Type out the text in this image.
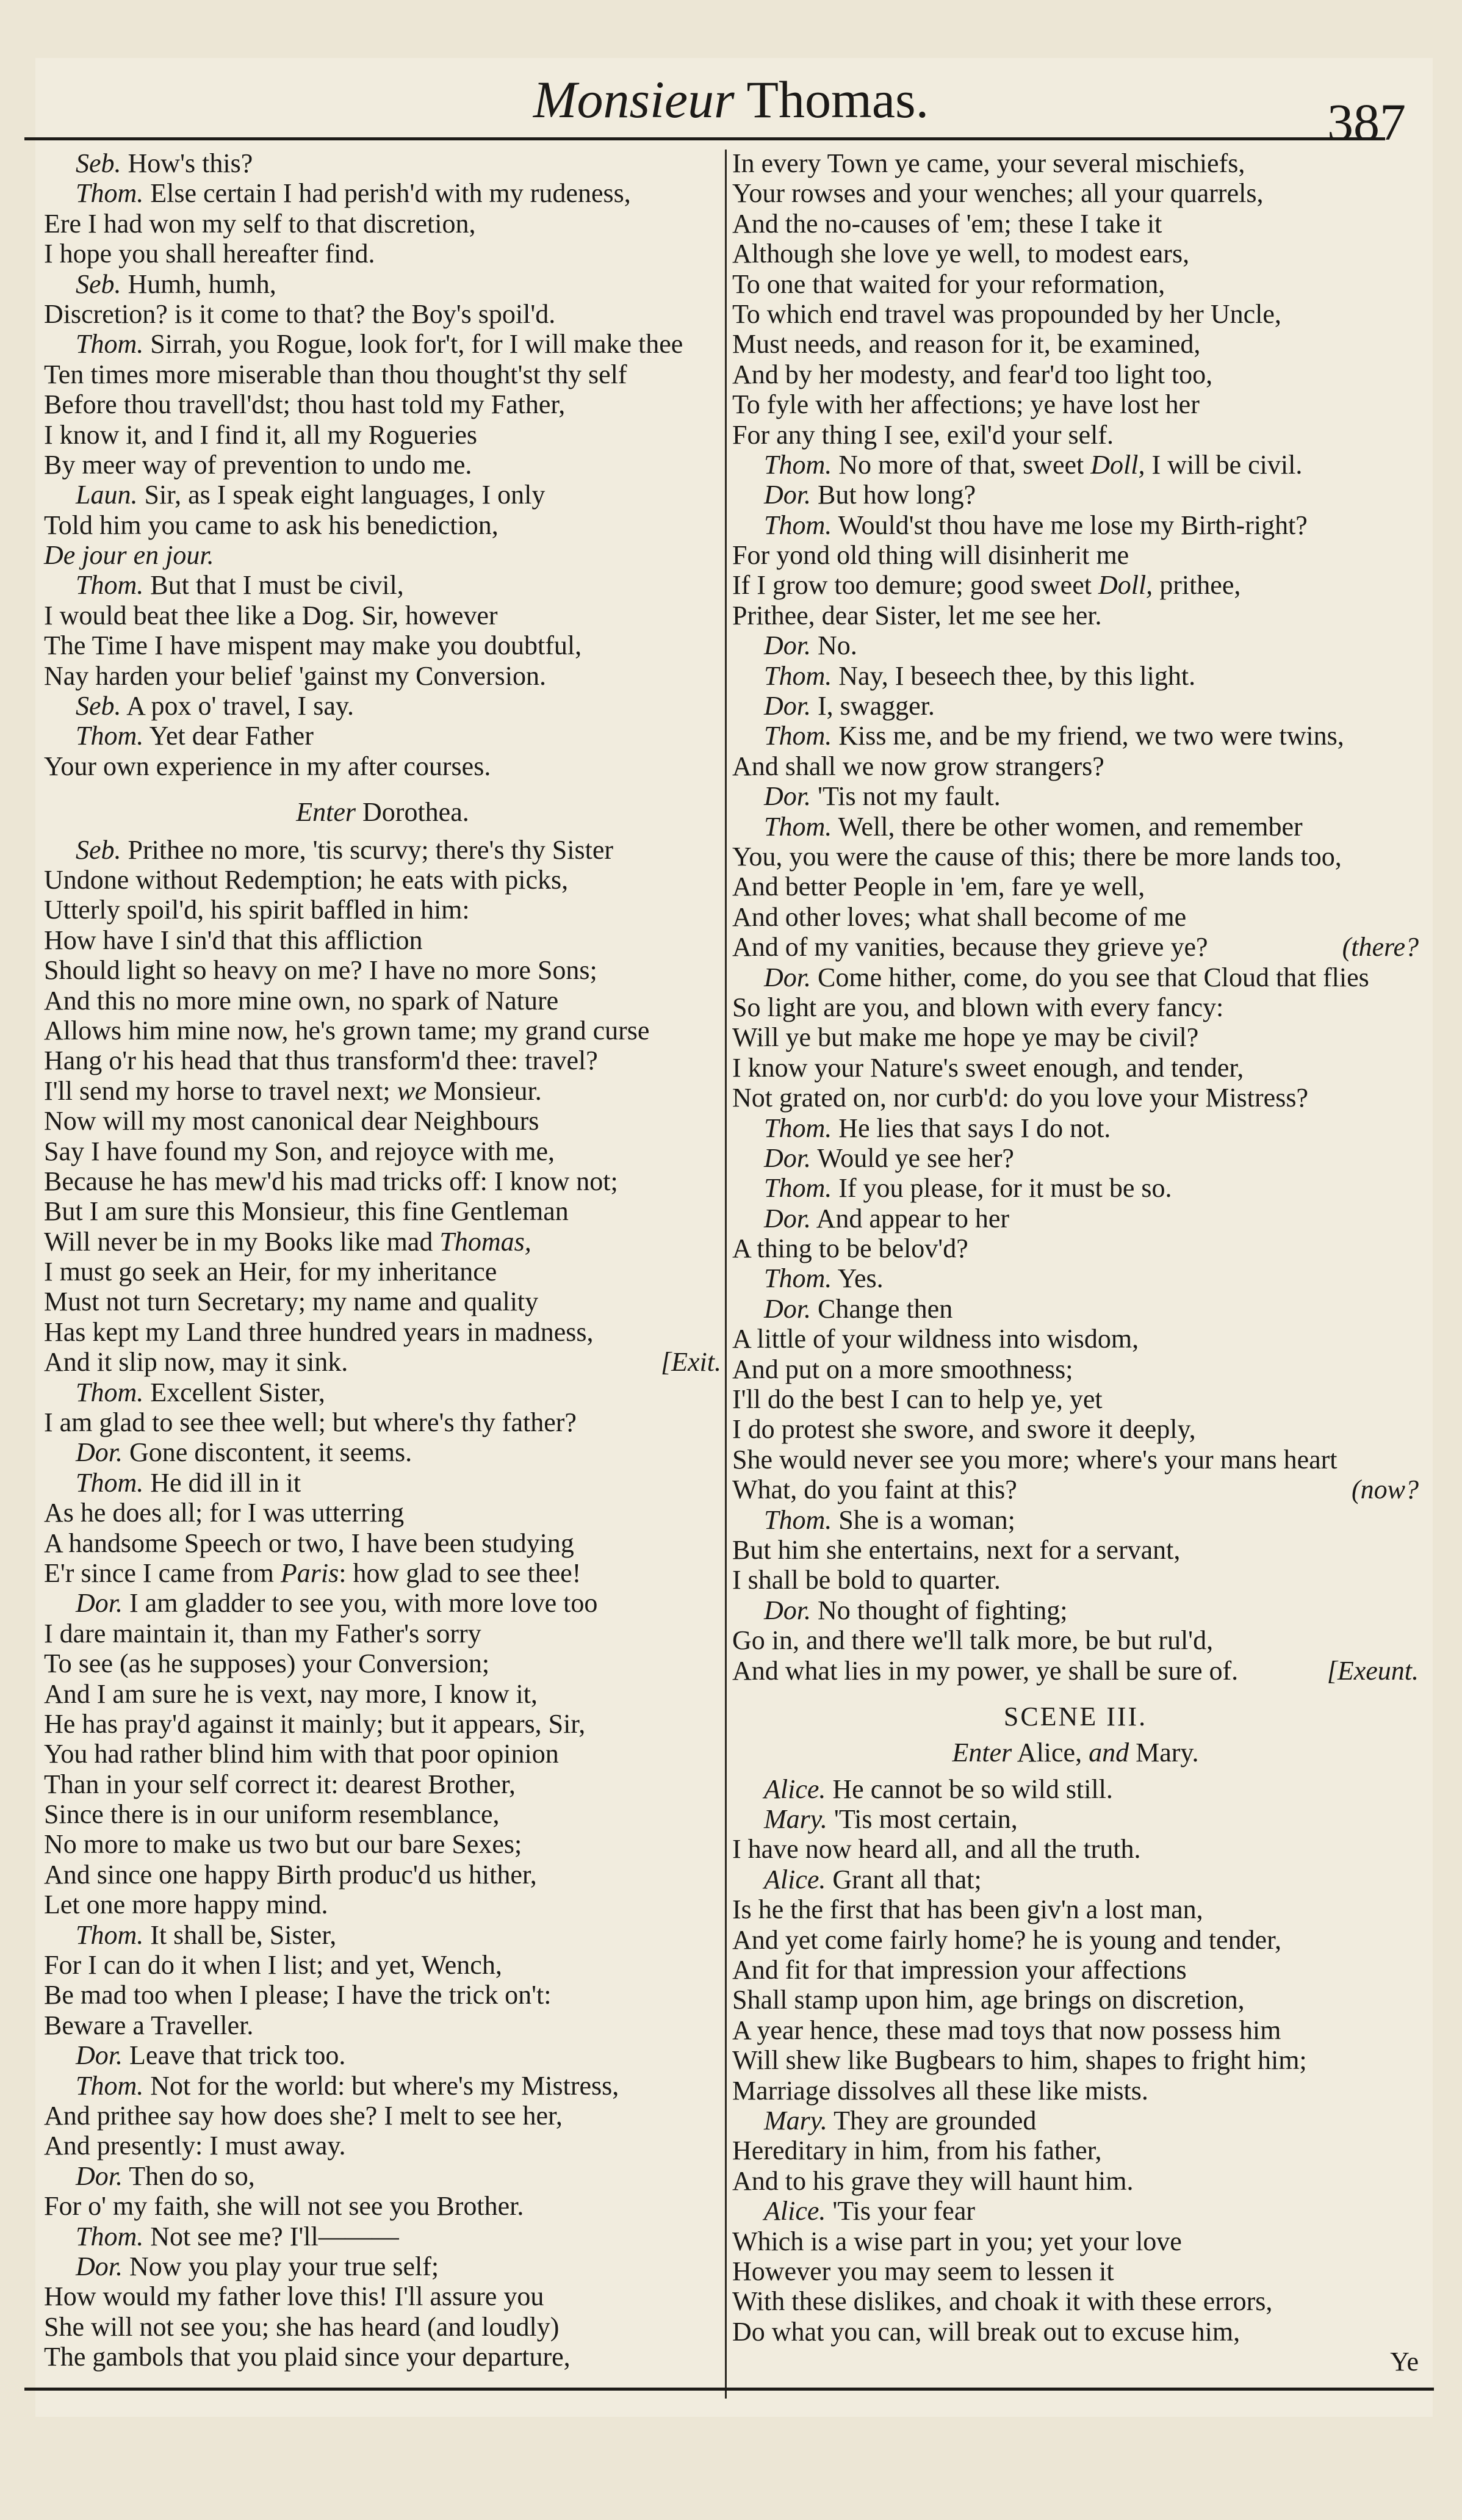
Monsieur Thomas.	387
Seb. How's this?
Thom. Else certain I had perish'd with my rudeness,
Ere I had won my self to that discretion,
I hope you shall hereafter find.
Seb. Humh, humh,
Discretion? is it come to that? the Boy's spoil'd.
Thom. Sirrah, you Rogue, look for't, for I will make thee
Ten times more miserable than thou thought'st thy self
Before thou travell'dst; thou hast told my Father,
I know it, and I find it, all my Rogueries
By meer way of prevention to undo me.
Laun. Sir, as I speak eight languages, I only
Told him you came to ask his benediction,
De jour en jour.
Thom. But that I must be civil,
I would beat thee like a Dog. Sir, however
The Time I have mispent may make you doubtful,
Nay harden your belief 'gainst my Conversion.
Seb. A pox o' travel, I say.
Thom. Yet dear Father
Your own experience in my after courses.
Enter Dorothea.
Seb. Prithee no more, 'tis scurvy; there's thy Sister
Undone without Redemption; he eats with picks,
Utterly spoil'd, his spirit baffled in him:
How have I sin'd that this affliction
Should light so heavy on me? I have no more Sons;
And this no more mine own, no spark of Nature
Allows him mine now, he's grown tame; my grand curse
Hang o'r his head that thus transform'd thee: travel?
I'll send my horse to travel next; we Monsieur.
Now will my most canonical dear Neighbours
Say I have found my Son, and rejoyce with me,
Because he has mew'd his mad tricks off: I know not;
But I am sure this Monsieur, this fine Gentleman
Will never be in my Books like mad Thomas,
I must go seek an Heir, for my inheritance
Must not turn Secretary; my name and quality
Has kept my Land three hundred years in madness,
And it slip now, may it sink.	[Exit.
Thom. Excellent Sister,
I am glad to see thee well; but where's thy father?
Dor. Gone discontent, it seems.
Thom. He did ill in it
As he does all; for I was utterring
A handsome Speech or two, I have been studying
E'r since I came from Paris: how glad to see thee!
Dor. I am gladder to see you, with more love too
I dare maintain it, than my Father's sorry
To see (as he supposes) your Conversion;
And I am sure he is vext, nay more, I know it,
He has pray'd against it mainly; but it appears, Sir,
You had rather blind him with that poor opinion
Than in your self correct it: dearest Brother,
Since there is in our uniform resemblance,
No more to make us two but our bare Sexes;
And since one happy Birth produc'd us hither,
Let one more happy mind.
Thom. It shall be, Sister,
For I can do it when I list; and yet, Wench,
Be mad too when I please; I have the trick on't:
Beware a Traveller.
Dor. Leave that trick too.
Thom. Not for the world: but where's my Mistress,
And prithee say how does she? I melt to see her,
And presently: I must away.
Dor. Then do so,
For o' my faith, she will not see you Brother.
Thom. Not see me? I'll———
Dor. Now you play your true self;
How would my father love this! I'll assure you
She will not see you; she has heard (and loudly)
The gambols that you plaid since your departure,
In every Town ye came, your several mischiefs,
Your rowses and your wenches; all your quarrels,
And the no-causes of 'em; these I take it
Although she love ye well, to modest ears,
To one that waited for your reformation,
To which end travel was propounded by her Uncle,
Must needs, and reason for it, be examined,
And by her modesty, and fear'd too light too,
To fyle with her affections; ye have lost her
For any thing I see, exil'd your self.
Thom. No more of that, sweet Doll, I will be civil.
Dor. But how long?
Thom. Would'st thou have me lose my Birth-right?
For yond old thing will disinherit me
If I grow too demure; good sweet Doll, prithee,
Prithee, dear Sister, let me see her.
Dor. No.
Thom. Nay, I beseech thee, by this light.
Dor. I, swagger.
Thom. Kiss me, and be my friend, we two were twins,
And shall we now grow strangers?
Dor. 'Tis not my fault.
Thom. Well, there be other women, and remember
You, you were the cause of this; there be more lands too,
And better People in 'em, fare ye well,
And other loves; what shall become of me
And of my vanities, because they grieve ye?	(there?
Dor. Come hither, come, do you see that Cloud that flies
So light are you, and blown with every fancy:
Will ye but make me hope ye may be civil?
I know your Nature's sweet enough, and tender,
Not grated on, nor curb'd: do you love your Mistress?
Thom. He lies that says I do not.
Dor. Would ye see her?
Thom. If you please, for it must be so.
Dor. And appear to her
A thing to be belov'd?
Thom. Yes.
Dor. Change then
A little of your wildness into wisdom,
And put on a more smoothness;
I'll do the best I can to help ye, yet
I do protest she swore, and swore it deeply,
She would never see you more; where's your mans heart
What, do you faint at this?	(now?
Thom. She is a woman;
But him she entertains, next for a servant,
I shall be bold to quarter.
Dor. No thought of fighting;
Go in, and there we'll talk more, be but rul'd,
And what lies in my power, ye shall be sure of.	[Exeunt.
SCENE III.
Enter Alice, and Mary.
Alice. He cannot be so wild still.
Mary. 'Tis most certain,
I have now heard all, and all the truth.
Alice. Grant all that;
Is he the first that has been giv'n a lost man,
And yet come fairly home? he is young and tender,
And fit for that impression your affections
Shall stamp upon him, age brings on discretion,
A year hence, these mad toys that now possess him
Will shew like Bugbears to him, shapes to fright him;
Marriage dissolves all these like mists.
Mary. They are grounded
Hereditary in him, from his father,
And to his grave they will haunt him.
Alice. 'Tis your fear
Which is a wise part in you; yet your love
However you may seem to lessen it
With these dislikes, and choak it with these errors,
Do what you can, will break out to excuse him,
Ye
